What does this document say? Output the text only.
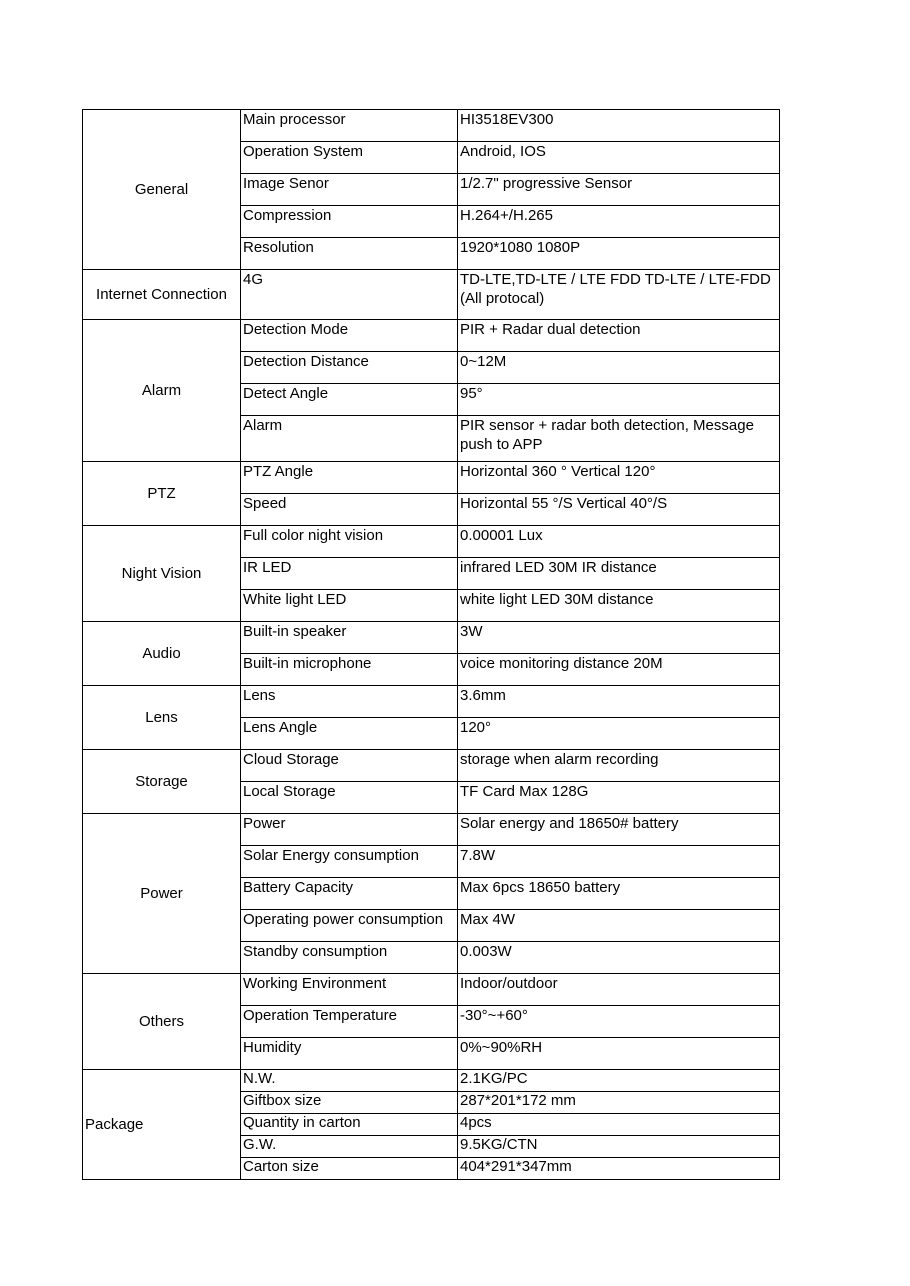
General	Main processor	HI3518EV300
	Operation System	Android, IOS
	Image Senor	1/2.7" progressive Sensor
	Compression	H.264+/H.265
	Resolution	1920*1080 1080P
Internet Connection	4G	TD-LTE,TD-LTE / LTE FDD TD-LTE / LTE-FDD (All protocal)
Alarm	Detection Mode	PIR + Radar dual detection
	Detection Distance	0~12M
	Detect Angle	95°
	Alarm	PIR sensor + radar both detection, Message push to APP
PTZ	PTZ Angle	Horizontal 360 ° Vertical 120°
	Speed	Horizontal 55 °/S Vertical 40°/S
Night Vision	Full color night vision	0.00001 Lux
	IR LED	infrared LED 30M IR distance
	White light LED	white light LED 30M distance
Audio	Built-in speaker	3W
	Built-in microphone	voice monitoring distance 20M
Lens	Lens	3.6mm
	Lens Angle	120°
Storage	Cloud Storage	storage when alarm recording
	Local Storage	TF Card Max 128G
Power	Power	Solar energy and 18650# battery
	Solar Energy consumption	7.8W
	Battery Capacity	Max 6pcs 18650 battery
	Operating power consumption	Max 4W
	Standby consumption	0.003W
Others	Working Environment	Indoor/outdoor
	Operation Temperature	-30°~+60°
	Humidity	0%~90%RH
Package	N.W.	2.1KG/PC
	Giftbox size	287*201*172 mm
	Quantity in carton	4pcs
	G.W.	9.5KG/CTN
	Carton size	404*291*347mm
